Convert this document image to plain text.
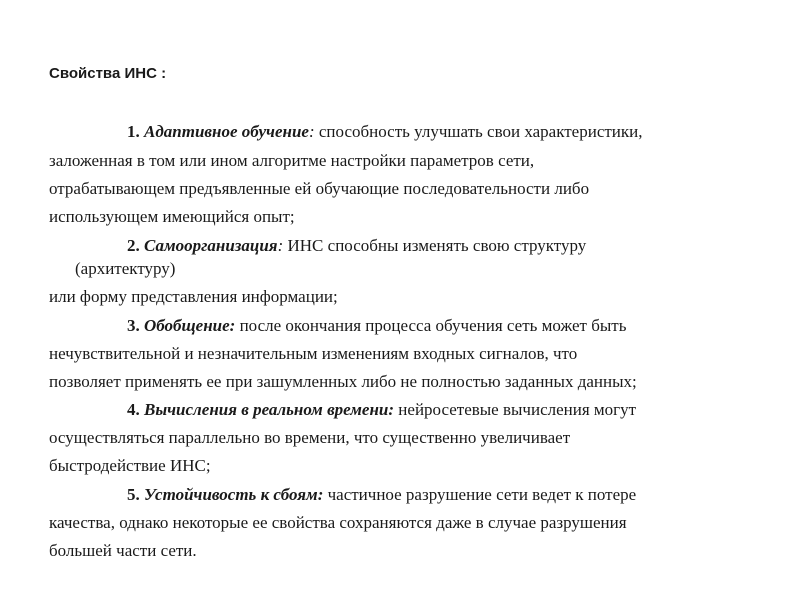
Свойства ИНС :
1. Адаптивное обучение: способность улучшать свои характеристики,
заложенная в том или ином алгоритме настройки параметров сети,
отрабатывающем предъявленные ей обучающие последовательности либо
использующем имеющийся опыт;
2. Самоорганизация: ИНС способны изменять свою структуру
(архитектуру)
или форму представления информации;
3. Обобщение: после окончания процесса обучения сеть может быть
нечувствительной и незначительным изменениям входных сигналов, что
позволяет применять ее при зашумленных либо не полностью заданных данных;
4. Вычисления в реальном времени: нейросетевые вычисления могут
осуществляться параллельно во времени, что существенно увеличивает
быстродействие ИНС;
5. Устойчивость к сбоям: частичное разрушение сети ведет к потере
качества, однако некоторые ее свойства сохраняются даже в случае разрушения
большей части сети.
